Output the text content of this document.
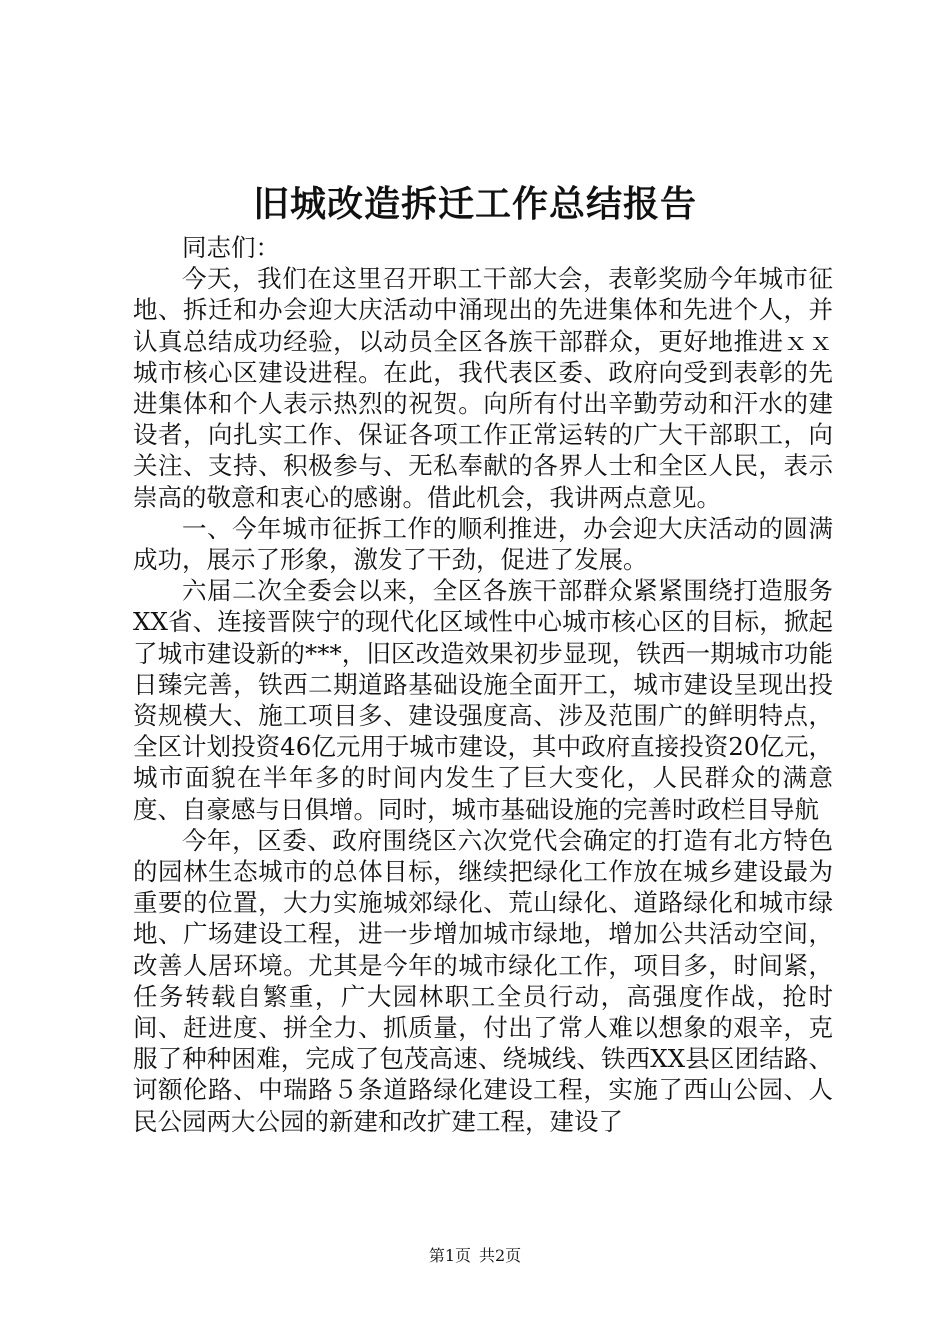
旧城改造拆迁工作总结报告

同志们：

今天，我们在这里召开职工干部大会，表彰奖励今年城市征地、拆迁和办会迎大庆活动中涌现出的先进集体和先进个人，并认真总结成功经验，以动员全区各族干部群众，更好地推进ｘｘ城市核心区建设进程。在此，我代表区委、政府向受到表彰的先进集体和个人表示热烈的祝贺。向所有付出辛勤劳动和汗水的建设者，向扎实工作、保证各项工作正常运转的广大干部职工，向关注、支持、积极参与、无私奉献的各界人士和全区人民，表示崇高的敬意和衷心的感谢。借此机会，我讲两点意见。

一、今年城市征拆工作的顺利推进，办会迎大庆活动的圆满成功，展示了形象，激发了干劲，促进了发展。

六届二次全委会以来，全区各族干部群众紧紧围绕打造服务XX省、连接晋陕宁的现代化区域性中心城市核心区的目标，掀起了城市建设新的***，旧区改造效果初步显现，铁西一期城市功能日臻完善，铁西二期道路基础设施全面开工，城市建设呈现出投资规模大、施工项目多、建设强度高、涉及范围广的鲜明特点，全区计划投资46亿元用于城市建设，其中政府直接投资20亿元，城市面貌在半年多的时间内发生了巨大变化，人民群众的满意度、自豪感与日俱增。同时，城市基础设施的完善时政栏目导航

今年，区委、政府围绕区六次党代会确定的打造有北方特色的园林生态城市的总体目标，继续把绿化工作放在城乡建设最为重要的位置，大力实施城郊绿化、荒山绿化、道路绿化和城市绿地、广场建设工程，进一步增加城市绿地，增加公共活动空间，改善人居环境。尤其是今年的城市绿化工作，项目多，时间紧，任务转载自繁重，广大园林职工全员行动，高强度作战，抢时间、赶进度、拼全力、抓质量，付出了常人难以想象的艰辛，克服了种种困难，完成了包茂高速、绕城线、铁西XX县区团结路、诃额伦路、中瑞路５条道路绿化建设工程，实施了西山公园、人民公园两大公园的新建和改扩建工程，建设了

第1页 共2页
